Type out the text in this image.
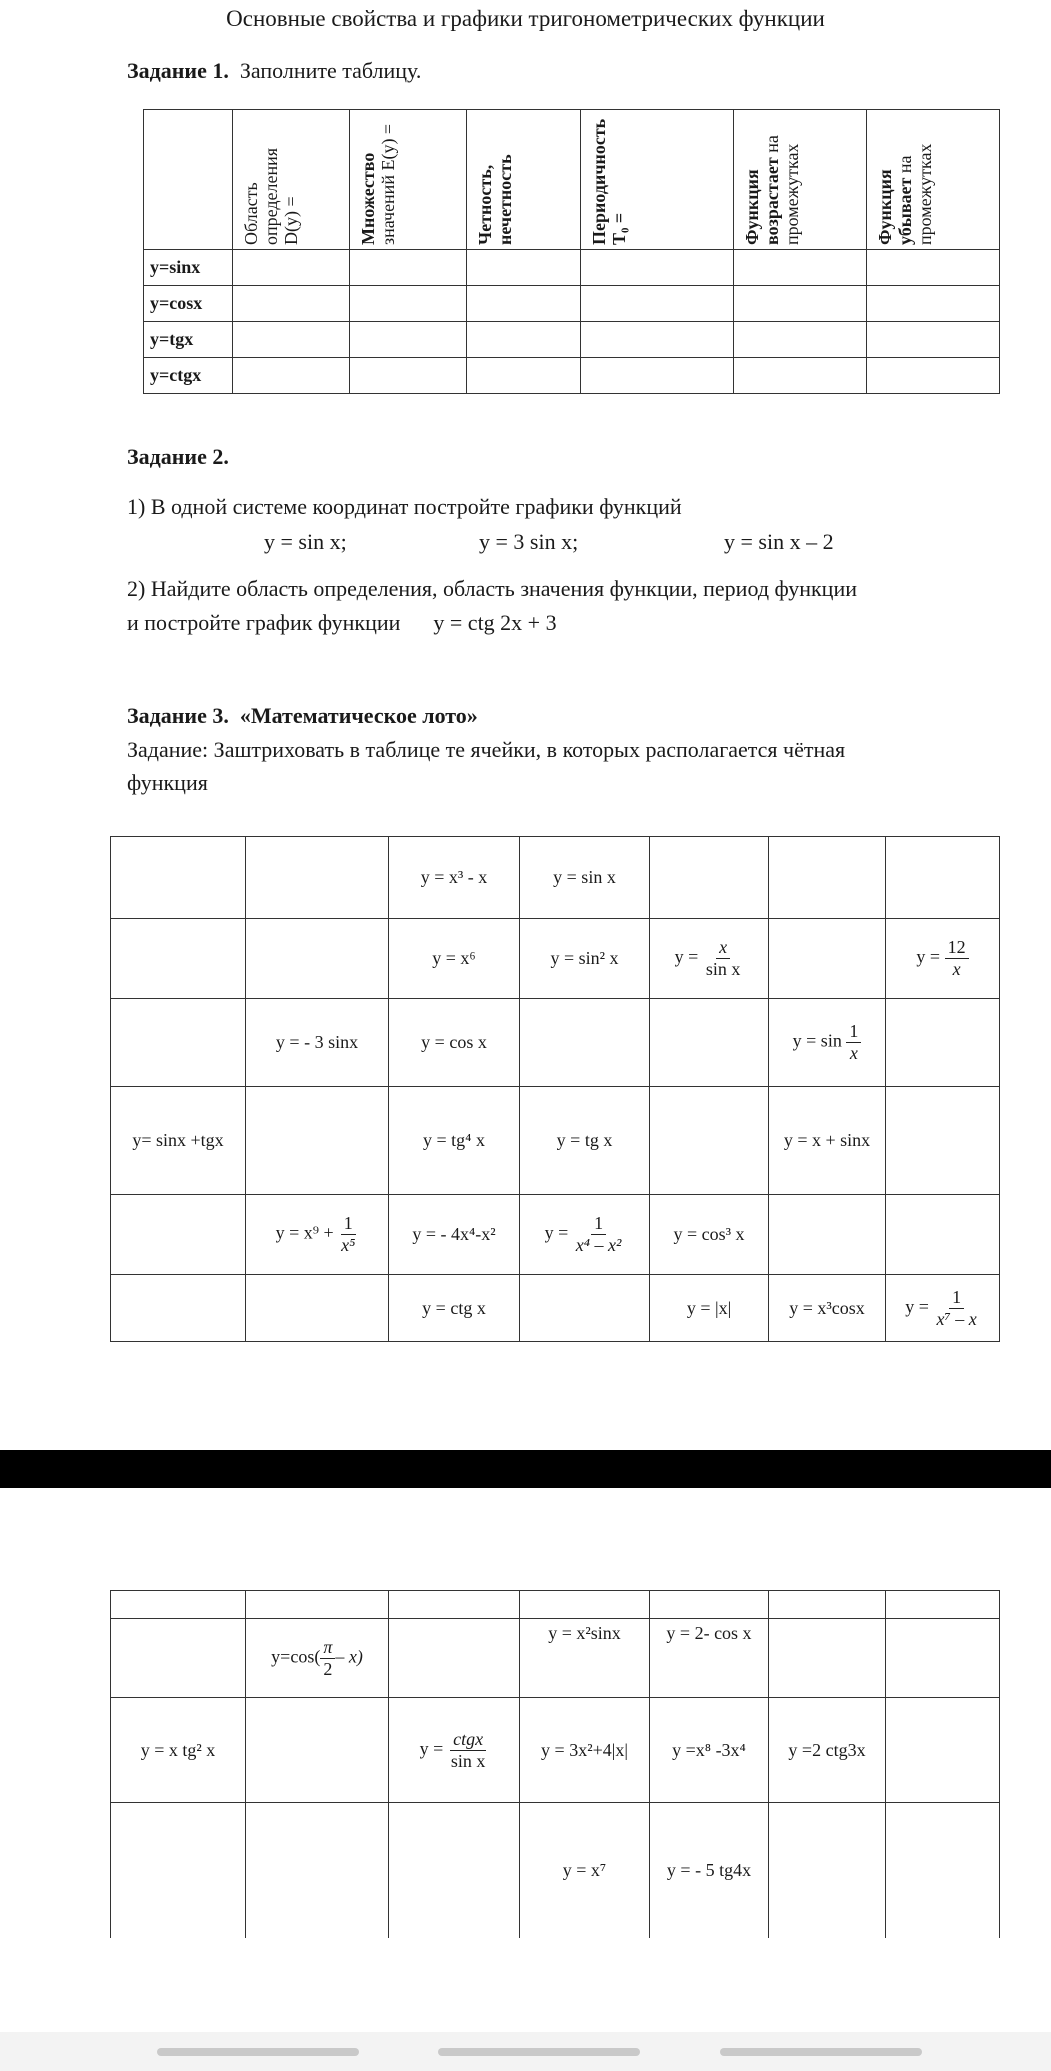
Основные свойства и графики тригонометрических функции
Задание 1. Заполните таблицу.

	Область определения D(y) =	Множество значений E(y) =	Четность, нечетность	Периодичность Т₀ =	Функция возрастает на промежутках	Функция убывает на промежутках

y=sinx						
y=cosx						
y=tgx						
y=ctgx						
Задание 2.
1) В одной системе координат постройте графики функций
y = sin x;	y = 3 sin x;	y = sin x – 2
2) Найдите область определения, область значения функции, период функции
и постройте график функции y = ctg 2x + 3
Задание 3. «Математическое лото»
Задание: Заштриховать в таблице те ячейки, в которых располагается чётная
функция
		y = x³ - x	y = sin x			
		y = x⁶	y = sin² x	$y = \frac{x}{\text{sin x}}$		$y = \frac{12}{x}$

	y = - 3 sinx	y = cos x			$y = \sin \frac{1}{x}$

y= sinx +tgx		y = tg⁴ x	y = tg x		y = x + sinx	
	$y = x^9 + \frac{1}{\text{x⁵}}$	y = - 4x⁴-x²	$y = \frac{1}{\text{x⁴ – x²}}$	y = cos³ x		
		y = ctg x		y = |x|	y = x³cosx	$y = \frac{1}{\text{x⁷ – x}}$

	$y=\cos( \frac{\pi}{2} - x)$		y = x²sinx	y = 2- cos x		
y = x tg² x		$y = \frac{\text{ctgx}}{\text{sin x}}$	y = 3x²+4|x|	y =x⁸ -3x⁴	y =2 ctg3x	
			y = x⁷	y = - 5 tg4x		
